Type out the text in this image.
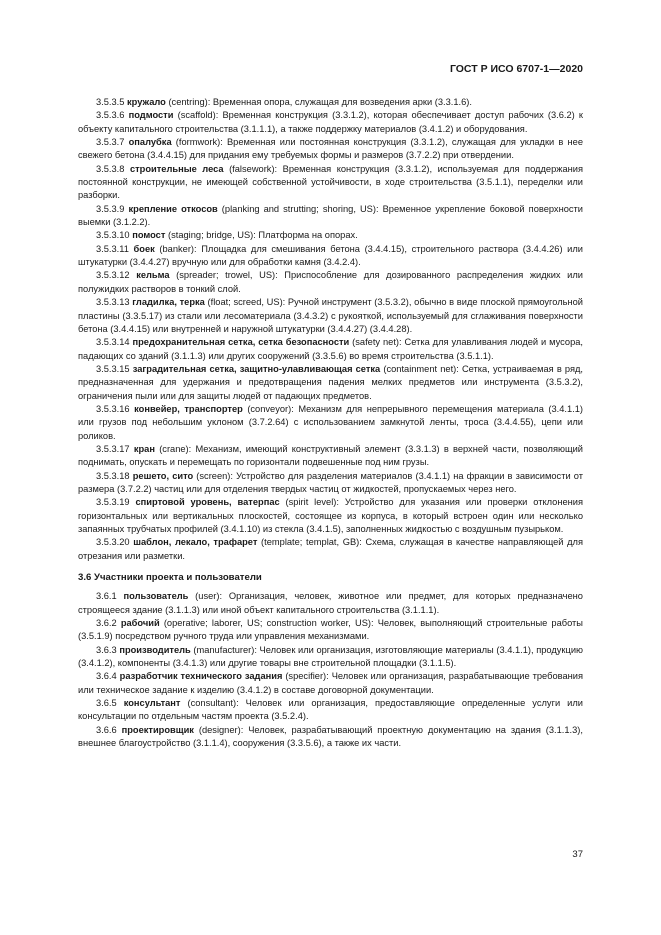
ГОСТ Р ИСО 6707-1—2020

3.5.3.5 кружало (centring): Временная опора, служащая для возведения арки (3.3.1.6).

3.5.3.6 подмости (scaffold): Временная конструкция (3.3.1.2), которая обеспечивает доступ рабочих (3.6.2) к объекту капитального строительства (3.1.1.1), а также поддержку материалов (3.4.1.2) и оборудования.

3.5.3.7 опалубка (formwork): Временная или постоянная конструкция (3.3.1.2), служащая для укладки в нее свежего бетона (3.4.4.15) для придания ему требуемых формы и размеров (3.7.2.2) при отвердении.

3.5.3.8 строительные леса (falsework): Временная конструкция (3.3.1.2), используемая для поддержания постоянной конструкции, не имеющей собственной устойчивости, в ходе строительства (3.5.1.1), переделки или разборки.

3.5.3.9 крепление откосов (planking and strutting; shoring, US): Временное укрепление боковой поверхности выемки (3.1.2.2).

3.5.3.10 помост (staging; bridge, US): Платформа на опорах.

3.5.3.11 боек (banker): Площадка для смешивания бетона (3.4.4.15), строительного раствора (3.4.4.26) или штукатурки (3.4.4.27) вручную или для обработки камня (3.4.2.4).

3.5.3.12 кельма (spreader; trowel, US): Приспособление для дозированного распределения жидких или полужидких растворов в тонкий слой.

3.5.3.13 гладилка, терка (float; screed, US): Ручной инструмент (3.5.3.2), обычно в виде плоской прямоугольной пластины (3.3.5.17) из стали или лесоматериала (3.4.3.2) с рукояткой, используемый для сглаживания поверхности бетона (3.4.4.15) или внутренней и наружной штукатурки (3.4.4.27) (3.4.4.28).

3.5.3.14 предохранительная сетка, сетка безопасности (safety net): Сетка для улавливания людей и мусора, падающих со зданий (3.1.1.3) или других сооружений (3.3.5.6) во время строительства (3.5.1.1).

3.5.3.15 заградительная сетка, защитно-улавливающая сетка (containment net): Сетка, устраиваемая в ряд, предназначенная для удержания и предотвращения падения мелких предметов или инструмента (3.5.3.2), ограничения пыли или для защиты людей от падающих предметов.

3.5.3.16 конвейер, транспортер (conveyor): Механизм для непрерывного перемещения материала (3.4.1.1) или грузов под небольшим уклоном (3.7.2.64) с использованием замкнутой ленты, троса (3.4.4.55), цепи или роликов.

3.5.3.17 кран (crane): Механизм, имеющий конструктивный элемент (3.3.1.3) в верхней части, позволяющий поднимать, опускать и перемещать по горизонтали подвешенные под ним грузы.

3.5.3.18 решето, сито (screen): Устройство для разделения материалов (3.4.1.1) на фракции в зависимости от размера (3.7.2.2) частиц или для отделения твердых частиц от жидкостей, пропускаемых через него.

3.5.3.19 спиртовой уровень, ватерпас (spirit level): Устройство для указания или проверки отклонения горизонтальных или вертикальных плоскостей, состоящее из корпуса, в который встроен один или несколько запаянных трубчатых профилей (3.4.1.10) из стекла (3.4.1.5), заполненных жидкостью с воздушным пузырьком.

3.5.3.20 шаблон, лекало, трафарет (template; templat, GB): Схема, служащая в качестве направляющей для отрезания или разметки.

3.6 Участники проекта и пользователи

3.6.1 пользователь (user): Организация, человек, животное или предмет, для которых предназначено строящееся здание (3.1.1.3) или иной объект капитального строительства (3.1.1.1).

3.6.2 рабочий (operative; laborer, US; construction worker, US): Человек, выполняющий строительные работы (3.5.1.9) посредством ручного труда или управления механизмами.

3.6.3 производитель (manufacturer): Человек или организация, изготовляющие материалы (3.4.1.1), продукцию (3.4.1.2), компоненты (3.4.1.3) или другие товары вне строительной площадки (3.1.1.5).

3.6.4 разработчик технического задания (specifier): Человек или организация, разрабатывающие требования или техническое задание к изделию (3.4.1.2) в составе договорной документации.

3.6.5 консультант (consultant): Человек или организация, предоставляющие определенные услуги или консультации по отдельным частям проекта (3.5.2.4).

3.6.6 проектировщик (designer): Человек, разрабатывающий проектную документацию на здания (3.1.1.3), внешнее благоустройство (3.1.1.4), сооружения (3.3.5.6), а также их части.

37
